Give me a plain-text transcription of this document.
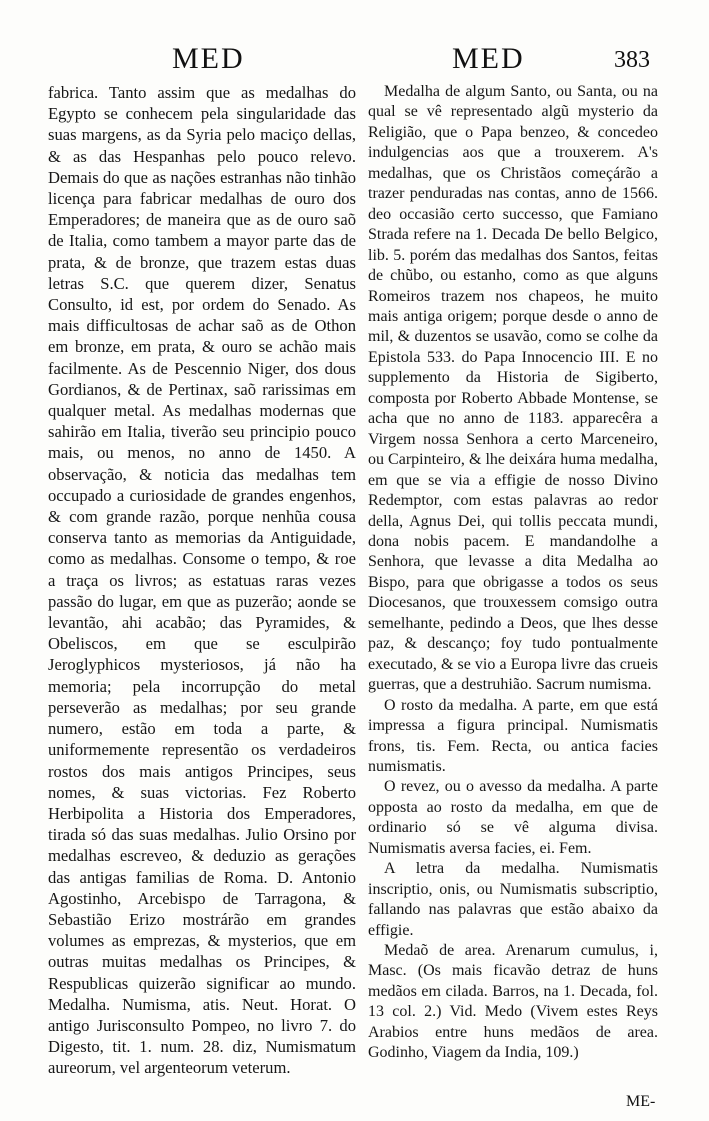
MED	MED	383

fabrica. Tanto assim que as medalhas do Egypto se conhecem pela singularidade das suas margens, as da Syria pelo maciço dellas, & as das Hespanhas pelo pouco relevo. Demais do que as nações estranhas não tinhão licença para fabricar medalhas de ouro dos Emperadores; de maneira que as de ouro saõ de Italia, como tambem a mayor parte das de prata, & de bronze, que trazem estas duas letras S.C. que querem dizer, Senatus Consulto, id est, por ordem do Senado. As mais difficultosas de achar saõ as de Othon em bronze, em prata, & ouro se achão mais facilmente. As de Pescennio Niger, dos dous Gordianos, & de Pertinax, saõ rarissimas em qualquer metal. As medalhas modernas que sahirão em Italia, tiverão seu principio pouco mais, ou menos, no anno de 1450. A observação, & noticia das medalhas tem occupado a curiosidade de grandes engenhos, & com grande razão, porque nenhũa cousa conserva tanto as memorias da Antiguidade, como as medalhas. Consome o tempo, & roe a traça os livros; as estatuas raras vezes passão do lugar, em que as puzerão; aonde se levantão, ahi acabão; das Pyramides, & Obeliscos, em que se esculpirão Jeroglyphicos mysteriosos, já não ha memoria; pela incorrupção do metal perseverão as medalhas; por seu grande numero, estão em toda a parte, & uniformemente representão os verdadeiros rostos dos mais antigos Principes, seus nomes, & suas victorias. Fez Roberto Herbipolita a Historia dos Emperadores, tirada só das suas medalhas. Julio Orsino por medalhas escreveo, & deduzio as gerações das antigas familias de Roma. D. Antonio Agostinho, Arcebispo de Tarragona, & Sebastião Erizo mostrárão em grandes volumes as emprezas, & mysterios, que em outras muitas medalhas os Principes, & Respublicas quizerão significar ao mundo. Medalha. Numisma, atis. Neut. Horat. O antigo Jurisconsulto Pompeo, no livro 7. do Digesto, tit. 1. num. 28. diz, Numismatum aureorum, vel argenteorum veterum.

Medalha de algum Santo, ou Santa, ou na qual se vê representado algũ mysterio da Religião, que o Papa benzeo, & concedeo indulgencias aos que a trouxerem. A's medalhas, que os Christãos começárão a trazer penduradas nas contas, anno de 1566. deo occasião certo successo, que Famiano Strada refere na 1. Decada De bello Belgico, lib. 5. porém das medalhas dos Santos, feitas de chũbo, ou estanho, como as que alguns Romeiros trazem nos chapeos, he muito mais antiga origem; porque desde o anno de mil, & duzentos se usavão, como se colhe da Epistola 533. do Papa Innocencio III. E no supplemento da Historia de Sigiberto, composta por Roberto Abbade Montense, se acha que no anno de 1183. apparecêra a Virgem nossa Senhora a certo Marceneiro, ou Carpinteiro, & lhe deixára huma medalha, em que se via a effigie de nosso Divino Redemptor, com estas palavras ao redor della, Agnus Dei, qui tollis peccata mundi, dona nobis pacem. E mandandolhe a Senhora, que levasse a dita Medalha ao Bispo, para que obrigasse a todos os seus Diocesanos, que trouxessem comsigo outra semelhante, pedindo a Deos, que lhes desse paz, & descanço; foy tudo pontualmente executado, & se vio a Europa livre das crueis guerras, que a destruhião. Sacrum numisma.

O rosto da medalha. A parte, em que está impressa a figura principal. Numismatis frons, tis. Fem. Recta, ou antica facies numismatis.

O revez, ou o avesso da medalha. A parte opposta ao rosto da medalha, em que de ordinario só se vê alguma divisa. Numismatis aversa facies, ei. Fem.

A letra da medalha. Numismatis inscriptio, onis, ou Numismatis subscriptio, fallando nas palavras que estão abaixo da effigie.

Medaõ de area. Arenarum cumulus, i, Masc. (Os mais ficavão detraz de huns medãos em cilada. Barros, na 1. Decada, fol. 13 col. 2.) Vid. Medo (Vivem estes Reys Arabios entre huns medãos de area. Godinho, Viagem da India, 109.)

ME-
